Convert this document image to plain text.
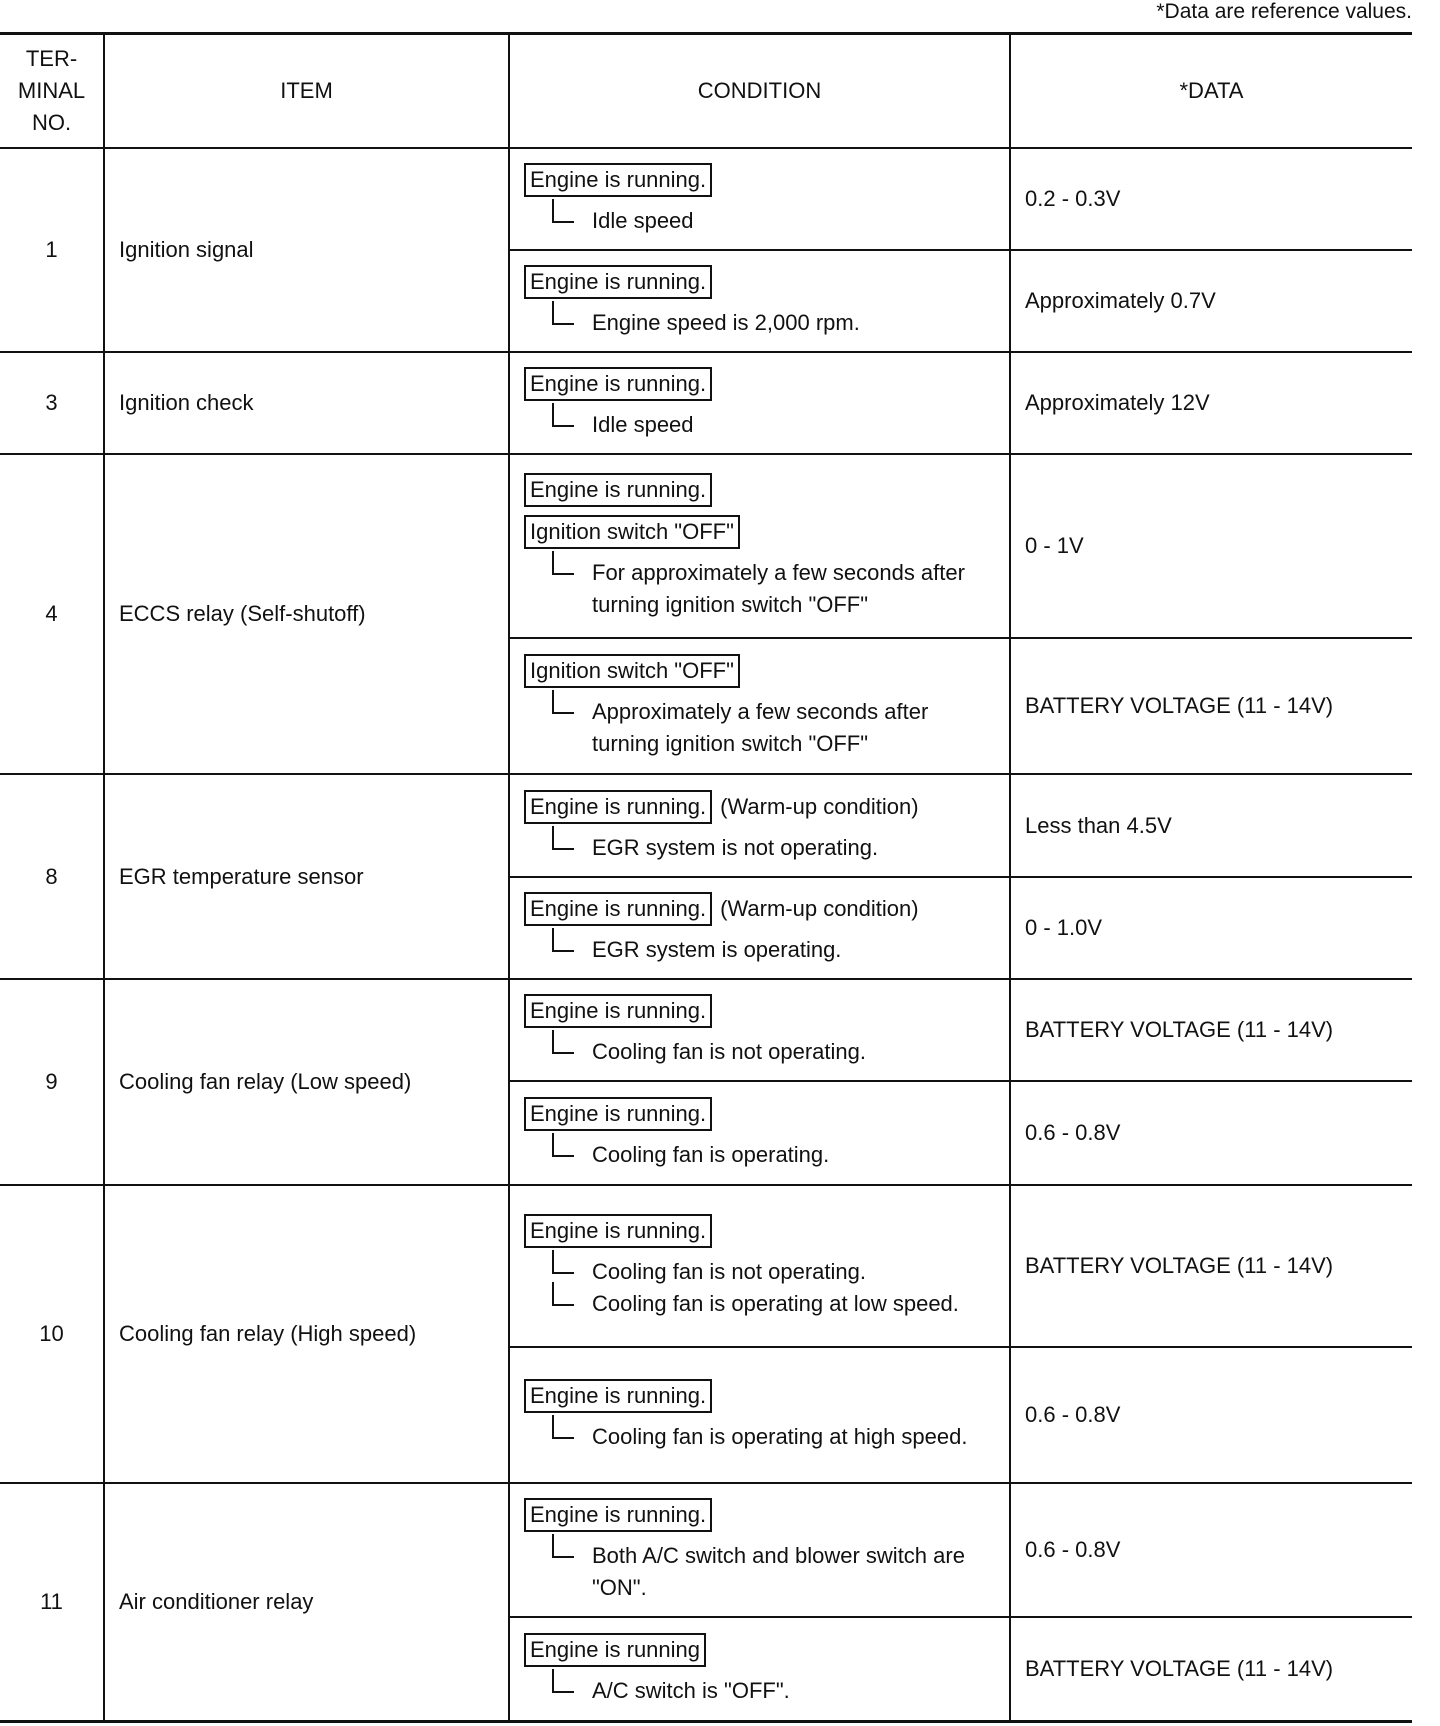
*Data are reference values.
TER-
MINAL
NO.	ITEM	CONDITION	*DATA
1	Ignition signal	Engine is running.
Idle speed	0.2 - 0.3V

		Engine is running.
Engine speed is 2,000 rpm.	Approximately 0.7V
3	Ignition check	Engine is running.
Idle speed	Approximately 12V
4	ECCS relay (Self-shutoff)	Engine is running.
Ignition switch "OFF"
For approximately a few seconds after turning ignition switch "OFF"	0 - 1V

		Ignition switch "OFF"
Approximately a few seconds after turning ignition switch "OFF"	BATTERY VOLTAGE (11 - 14V)
8	EGR temperature sensor	Engine is running. (Warm-up condition)
EGR system is not operating.	Less than 4.5V

		Engine is running. (Warm-up condition)
EGR system is operating.	0 - 1.0V
9	Cooling fan relay (Low speed)	Engine is running.
Cooling fan is not operating.	BATTERY VOLTAGE (11 - 14V)

		Engine is running.
Cooling fan is operating.	0.6 - 0.8V
10	Cooling fan relay (High speed)	Engine is running.
Cooling fan is not operating.
Cooling fan is operating at low speed.	BATTERY VOLTAGE (11 - 14V)

		Engine is running.
Cooling fan is operating at high speed.	0.6 - 0.8V
11	Air conditioner relay	Engine is running.
Both A/C switch and blower switch are "ON".	0.6 - 0.8V

		Engine is running
A/C switch is "OFF".	BATTERY VOLTAGE (11 - 14V)
